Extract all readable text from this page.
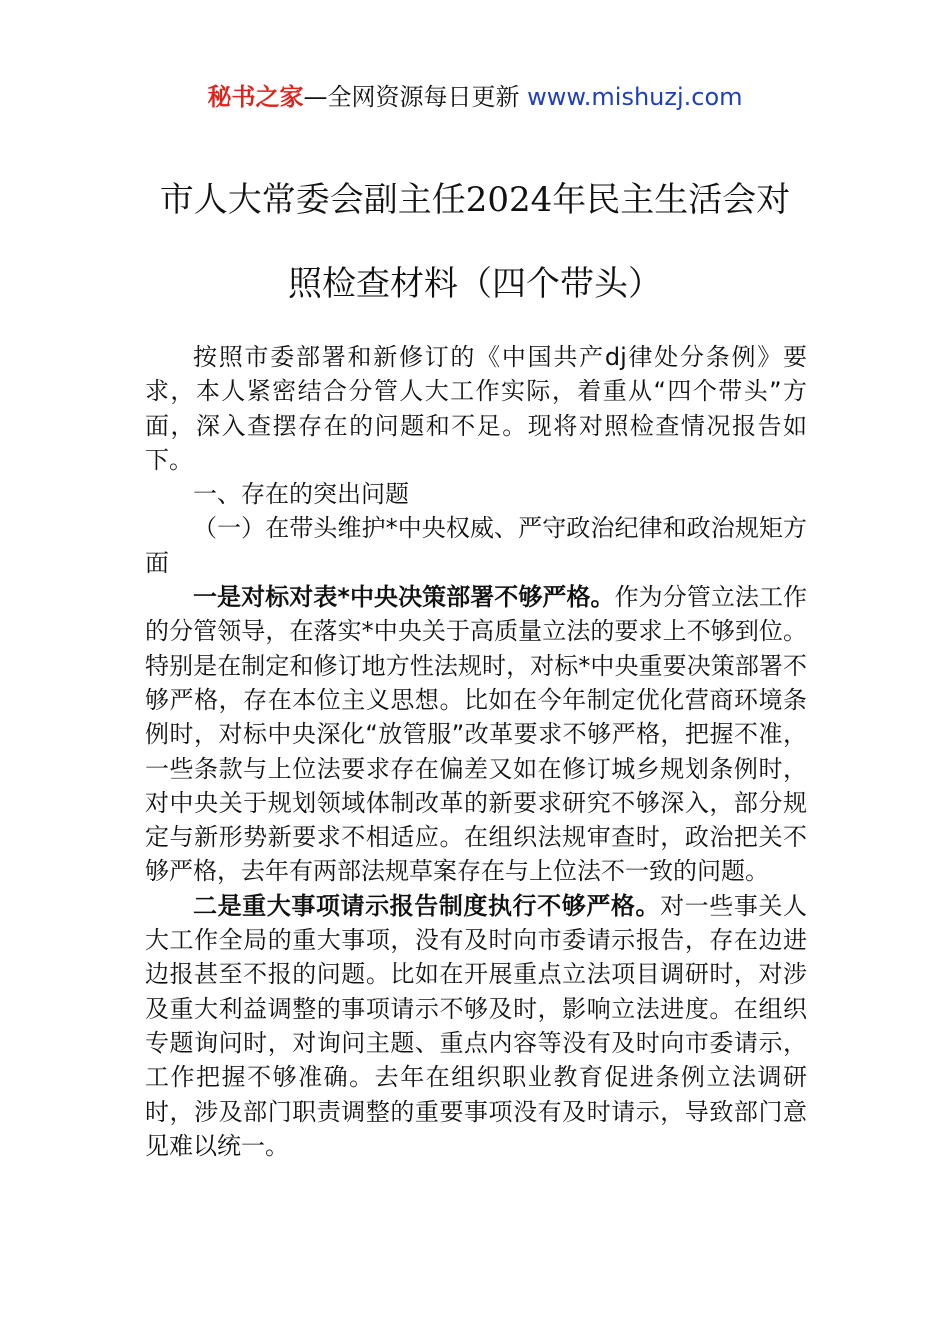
秘书之家—全网资源每日更新 www.mishuzj.com
市人大常委会副主任2024年民主生活会对
照检查材料（四个带头）

按照市委部署和新修订的《中国共产dj律处分条例》要求，本人紧密结合分管人大工作实际，着重从“四个带头”方面，深入查摆存在的问题和不足。现将对照检查情况报告如下。

一、存在的突出问题

（一）在带头维护*中央权威、严守政治纪律和政治规矩方面

一是对标对表*中央决策部署不够严格。作为分管立法工作的分管领导，在落实*中央关于高质量立法的要求上不够到位。特别是在制定和修订地方性法规时，对标*中央重要决策部署不够严格，存在本位主义思想。比如在今年制定优化营商环境条例时，对标中央深化“放管服”改革要求不够严格，把握不准，一些条款与上位法要求存在偏差又如在修订城乡规划条例时，对中央关于规划领域体制改革的新要求研究不够深入，部分规定与新形势新要求不相适应。在组织法规审查时，政治把关不够严格，去年有两部法规草案存在与上位法不一致的问题。

二是重大事项请示报告制度执行不够严格。对一些事关人大工作全局的重大事项，没有及时向市委请示报告，存在边进边报甚至不报的问题。比如在开展重点立法项目调研时，对涉及重大利益调整的事项请示不够及时，影响立法进度。在组织专题询问时，对询问主题、重点内容等没有及时向市委请示，工作把握不够准确。去年在组织职业教育促进条例立法调研时，涉及部门职责调整的重要事项没有及时请示，导致部门意见难以统一。
